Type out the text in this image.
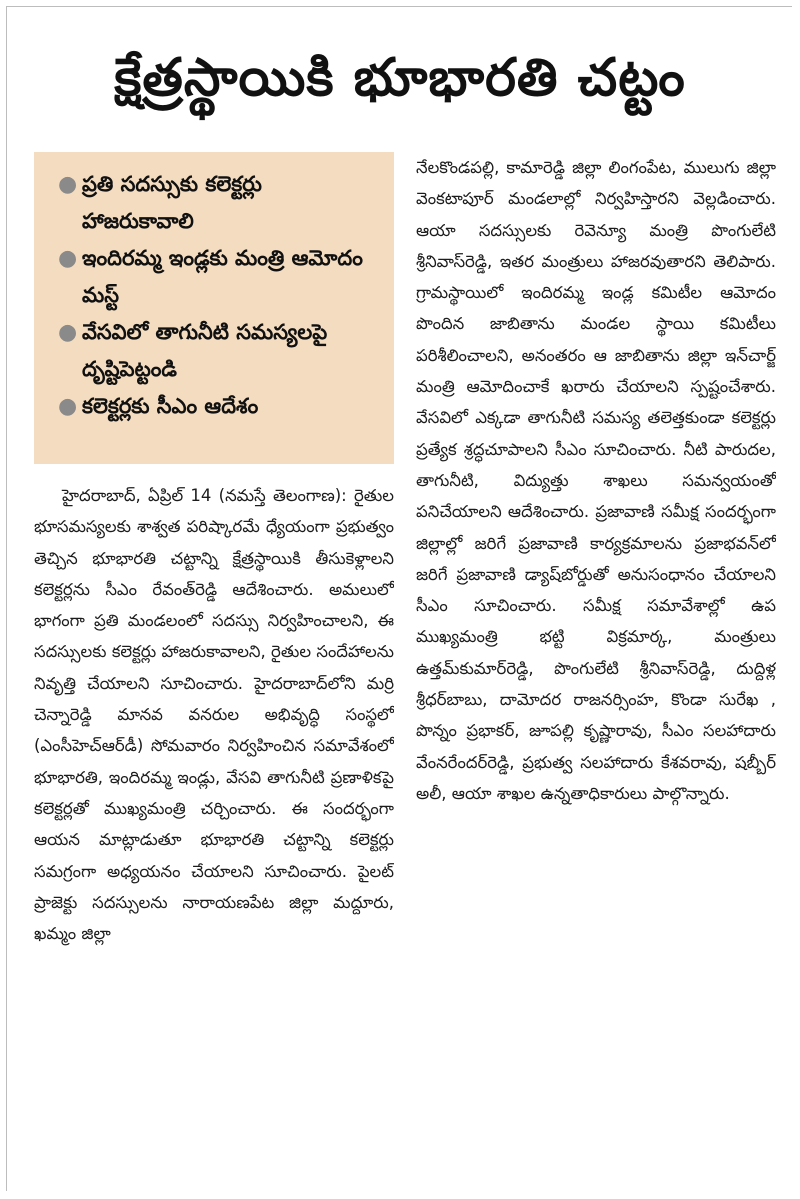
క్షేత్రస్థాయికి భూభారతి చట్టం
● ప్రతి సదస్సుకు కలెక్టర్లు హాజరుకావాలి
● ఇందిరమ్మ ఇండ్లకు మంత్రి ఆమోదం మస్ట్
● వేసవిలో తాగునీటి సమస్యలపై దృష్టిపెట్టండి
● కలెక్టర్లకు సీఎం ఆదేశం

హైదరాబాద్, ఏప్రిల్ 14 (నమస్తే తెలంగాణ): రైతుల భూసమస్యలకు శాశ్వత పరిష్కారమే ధ్యేయంగా ప్రభుత్వం తెచ్చిన భూభారతి చట్టాన్ని క్షేత్రస్థాయికి తీసుకెళ్లాలని కలెక్టర్లను సీఎం రేవంత్‌రెడ్డి ఆదేశించారు. అమలులో భాగంగా ప్రతి మండలంలో సదస్సు నిర్వహించాలని, ఈ సదస్సులకు కలెక్టర్లు హాజరుకావాలని, రైతుల సందేహాలను నివృత్తి చేయాలని సూచించారు. హైదరాబాద్‌లోని మర్రి చెన్నారెడ్డి మానవ వనరుల అభివృద్ధి సంస్థలో (ఎంసీహెచ్‌ఆర్‌డీ) సోమవారం నిర్వహించిన సమావేశంలో భూభారతి, ఇందిరమ్మ ఇండ్లు, వేసవి తాగునీటి ప్రణాళికపై కలెక్టర్లతో ముఖ్యమంత్రి చర్చించారు. ఈ సందర్భంగా ఆయన మాట్లాడుతూ భూభారతి చట్టాన్ని కలెక్టర్లు సమగ్రంగా అధ్యయనం చేయాలని సూచించారు. పైలట్ ప్రాజెక్టు సదస్సులను నారాయణపేట జిల్లా మద్దూరు, ఖమ్మం జిల్లా

నేలకొండపల్లి, కామారెడ్డి జిల్లా లింగంపేట, ములుగు జిల్లా వెంకటాపూర్ మండలాల్లో నిర్వహిస్తారని వెల్లడించారు. ఆయా సదస్సులకు రెవెన్యూ మంత్రి పొంగులేటి శ్రీనివాస్‌రెడ్డి, ఇతర మంత్రులు హాజరవుతారని తెలిపారు. గ్రామస్థాయిలో ఇందిరమ్మ ఇండ్ల కమిటీల ఆమోదం పొందిన జాబితాను మండల స్థాయి కమిటీలు పరిశీలించాలని, అనంతరం ఆ జాబితాను జిల్లా ఇన్‌చార్జ్ మంత్రి ఆమోదించాకే ఖరారు చేయాలని స్పష్టంచేశారు. వేసవిలో ఎక్కడా తాగునీటి సమస్య తలెత్తకుండా కలెక్టర్లు ప్రత్యేక శ్రద్ధచూపాలని సీఎం సూచించారు. నీటి పారుదల, తాగునీటి, విద్యుత్తు శాఖలు సమన్వయంతో పనిచేయాలని ఆదేశించారు. ప్రజావాణి సమీక్ష సందర్భంగా జిల్లాల్లో జరిగే ప్రజావాణి కార్యక్రమాలను ప్రజాభవన్‌లో జరిగే ప్రజావాణి డ్యాష్‌బోర్డుతో అనుసంధానం చేయాలని సీఎం సూచించారు. సమీక్ష సమావేశాల్లో ఉప ముఖ్యమంత్రి భట్టి విక్రమార్క, మంత్రులు ఉత్తమ్‌కుమార్‌రెడ్డి, పొంగులేటి శ్రీనివాస్‌రెడ్డి, దుద్దిళ్ల శ్రీధర్‌బాబు, దామోదర రాజనర్సింహ, కొండా సురేఖ , పొన్నం ప్రభాకర్, జూపల్లి కృష్ణారావు, సీఎం సలహాదారు వేంనరేందర్‌రెడ్డి, ప్రభుత్వ సలహాదారు కేశవరావు, షబ్బీర్ అలీ, ఆయా శాఖల ఉన్నతాధికారులు పాల్గొన్నారు.
